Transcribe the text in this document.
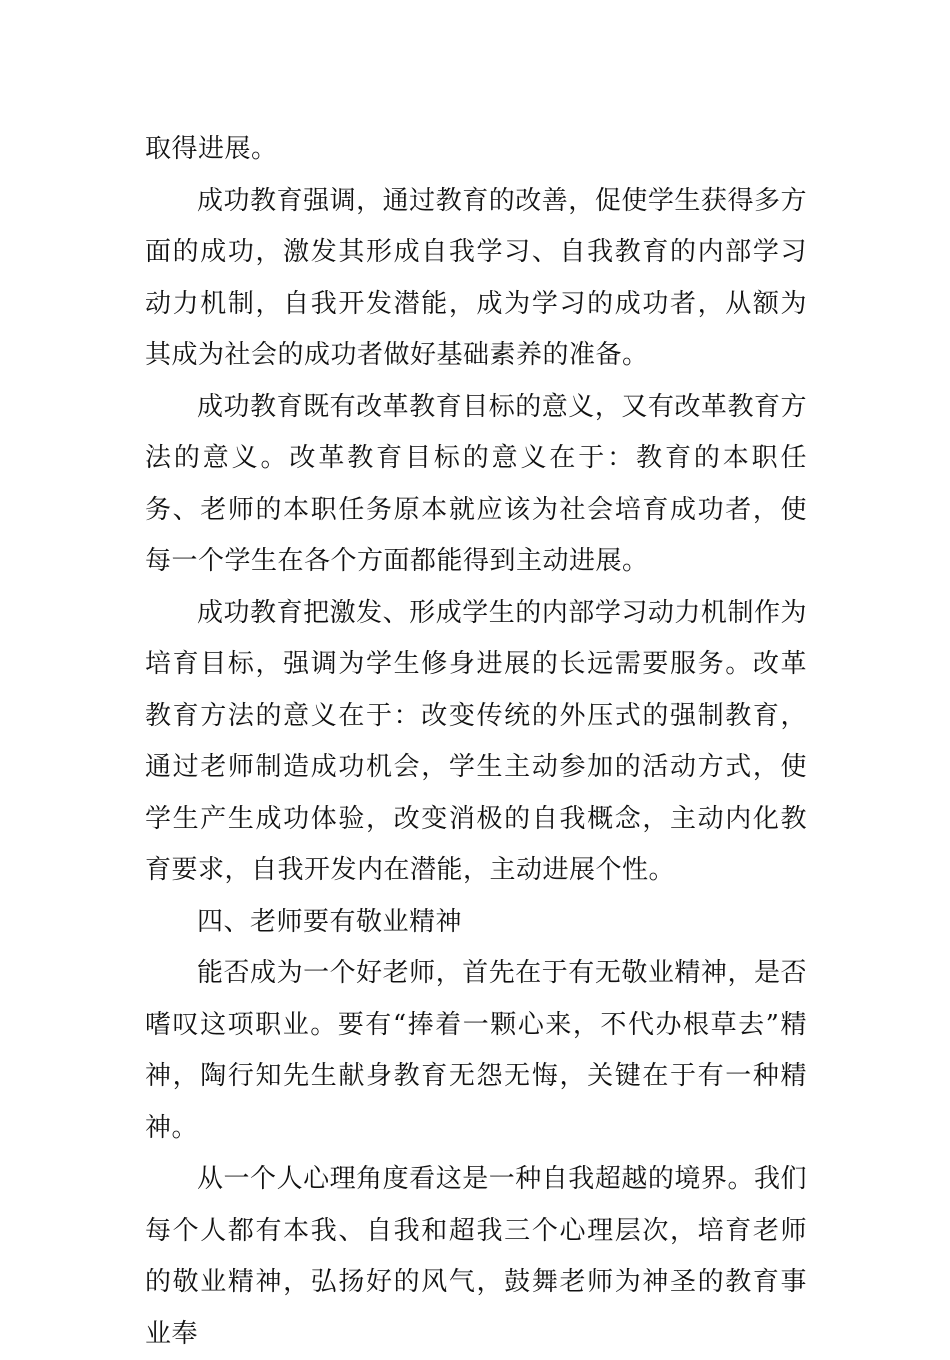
取得进展。

成功教育强调，通过教育的改善，促使学生获得多方面的成功，激发其形成自我学习、自我教育的内部学习动力机制，自我开发潜能，成为学习的成功者，从额为其成为社会的成功者做好基础素养的准备。

成功教育既有改革教育目标的意义，又有改革教育方法的意义。改革教育目标的意义在于：教育的本职任务、老师的本职任务原本就应该为社会培育成功者，使每一个学生在各个方面都能得到主动进展。

成功教育把激发、形成学生的内部学习动力机制作为培育目标，强调为学生修身进展的长远需要服务。改革教育方法的意义在于：改变传统的外压式的强制教育，通过老师制造成功机会，学生主动参加的活动方式，使学生产生成功体验，改变消极的自我概念，主动内化教育要求，自我开发内在潜能，主动进展个性。

四、老师要有敬业精神

能否成为一个好老师，首先在于有无敬业精神，是否嗜叹这项职业。要有“捧着一颗心来，不代办根草去”精神，陶行知先生献身教育无怨无悔，关键在于有一种精神。

从一个人心理角度看这是一种自我超越的境界。我们每个人都有本我、自我和超我三个心理层次，培育老师的敬业精神，弘扬好的风气，鼓舞老师为神圣的教育事业奉
